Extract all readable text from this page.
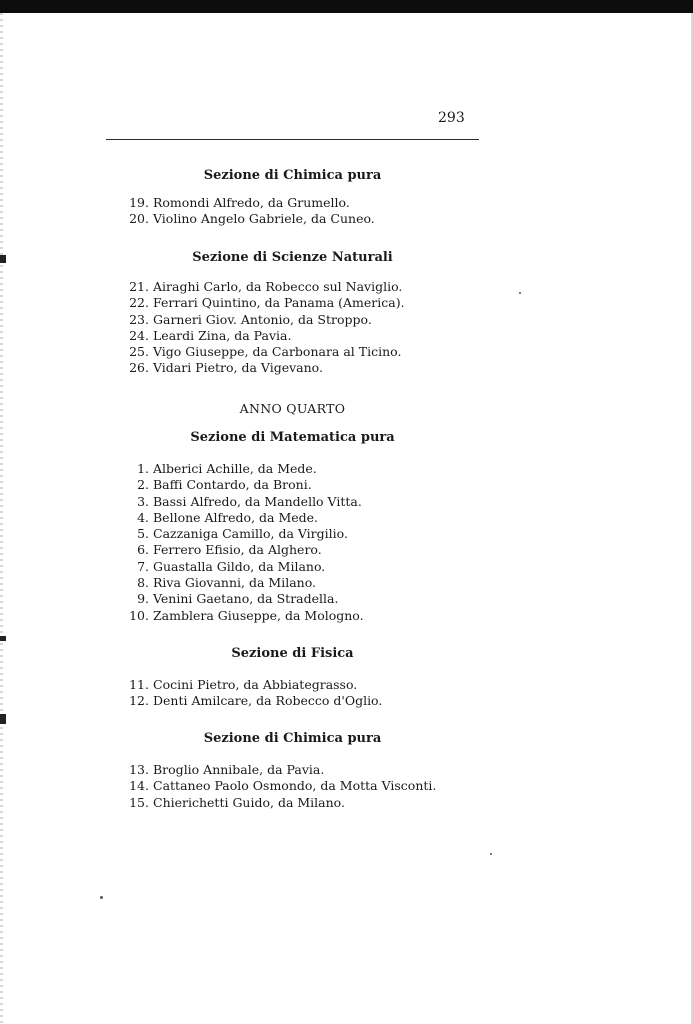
293
Sezione di Chimica pura
19. Romondi Alfredo, da Grumello.
20. Violino Angelo Gabriele, da Cuneo.
Sezione di Scienze Naturali
21. Airaghi Carlo, da Robecco sul Naviglio.
22. Ferrari Quintino, da Panama (America).
23. Garneri Giov. Antonio, da Stroppo.
24. Leardi Zina, da Pavia.
25. Vigo Giuseppe, da Carbonara al Ticino.
26. Vidari Pietro, da Vigevano.
ANNO QUARTO
Sezione di Matematica pura
1. Alberici Achille, da Mede.
2. Baffi Contardo, da Broni.
3. Bassi Alfredo, da Mandello Vitta.
4. Bellone Alfredo, da Mede.
5. Cazzaniga Camillo, da Virgilio.
6. Ferrero Efisio, da Alghero.
7. Guastalla Gildo, da Milano.
8. Riva Giovanni, da Milano.
9. Venini Gaetano, da Stradella.
10. Zamblera Giuseppe, da Mologno.
Sezione di Fisica
11. Cocini Pietro, da Abbiategrasso.
12. Denti Amilcare, da Robecco d'Oglio.
Sezione di Chimica pura
13. Broglio Annibale, da Pavia.
14. Cattaneo Paolo Osmondo, da Motta Visconti.
15. Chierichetti Guido, da Milano.
